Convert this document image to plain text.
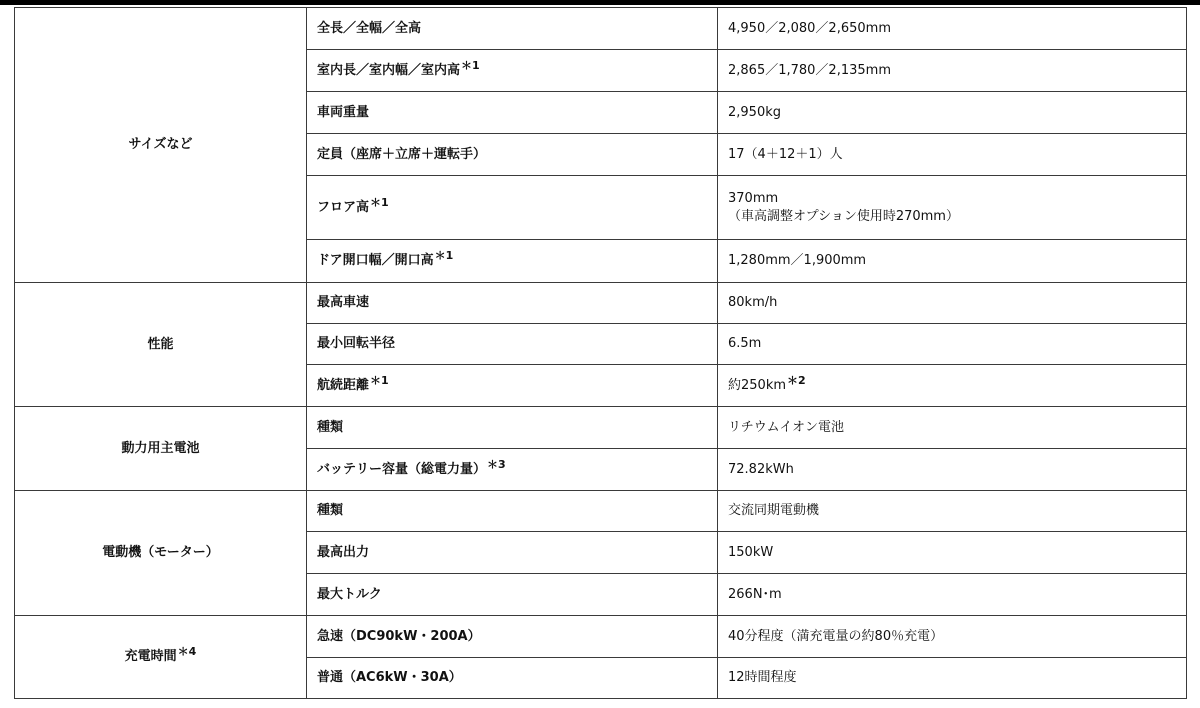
サイズなど	全長／全幅／全高	4,950／2,080／2,650mm
	室内長／室内幅／室内高$^{*1}$	2,865／1,780／2,135mm
	車両重量	2,950kg
	定員（座席＋立席＋運転手）	17（4＋12＋1）人
	フロア高$^{*1}$	370mm
（車高調整オプション使用時270mm）

	ドア開口幅／開口高$^{*1}$	1,280mm／1,900mm
性能	最高車速	80km/h
	最小回転半径	6.5m
	航続距離$^{*1}$	約250km$^{*2}$
動力用主電池	種類	リチウムイオン電池
	バッテリー容量（総電力量）$^{*3}$	72.82kWh
電動機（モーター）	種類	交流同期電動機
	最高出力	150kW
	最大トルク	266N･m
充電時間$^{*4}$	急速（DC90kW・200A）	40分程度（満充電量の約80％充電）
	普通（AC6kW・30A）	12時間程度
